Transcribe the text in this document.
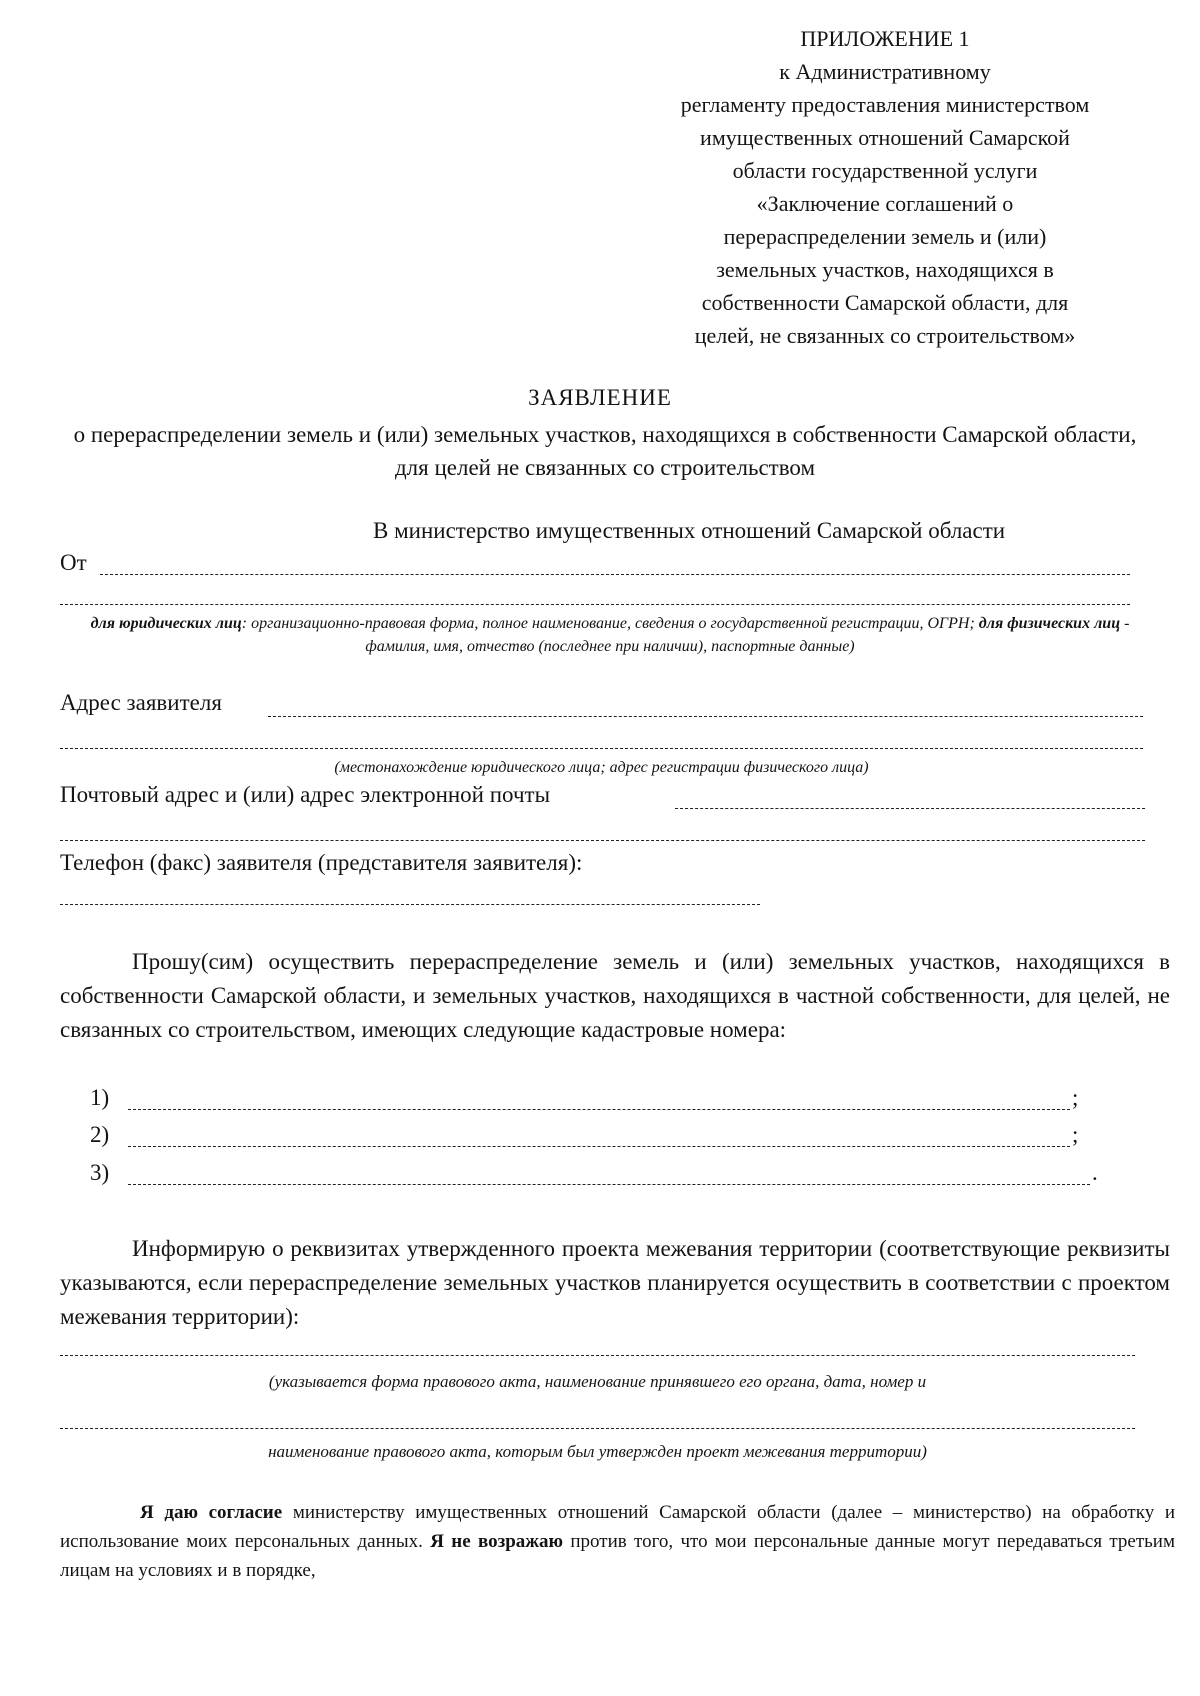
ПРИЛОЖЕНИЕ 1
к Административному
регламенту предоставления министерством
имущественных отношений Самарской
области государственной услуги
«Заключение соглашений о
перераспределении земель и (или)
земельных участков, находящихся в
собственности Самарской области, для
целей, не связанных со строительством»
ЗАЯВЛЕНИЕ
о перераспределении земель и (или) земельных участков, находящихся в собственности Самарской области, для целей не связанных со строительством
В министерство имущественных отношений Самарской области
От
для юридических лиц: организационно-правовая форма, полное наименование, сведения о государственной регистрации, ОГРН; для физических лиц - фамилия, имя, отчество (последнее при наличии), паспортные данные)
Адрес заявителя
(местонахождение юридического лица; адрес регистрации физического лица)
Почтовый адрес и (или) адрес электронной почты
Телефон (факс) заявителя (представителя заявителя):
Прошу(сим) осуществить перераспределение земель и (или) земельных участков, находящихся в собственности Самарской области, и земельных участков, находящихся в частной собственности, для целей, не связанных со строительством, имеющих следующие кадастровые номера:
1)	;
2)	;
3)	.
Информирую о реквизитах утвержденного проекта межевания территории (соответствующие реквизиты указываются, если перераспределение земельных участков планируется осуществить в соответствии с проектом межевания территории):
(указывается форма правового акта, наименование принявшего его органа, дата, номер и
наименование правового акта, которым был утвержден проект межевания территории)
Я даю согласие министерству имущественных отношений Самарской области (далее – министерство) на обработку и использование моих персональных данных. Я не возражаю против того, что мои персональные данные могут передаваться третьим лицам на условиях и в порядке,
